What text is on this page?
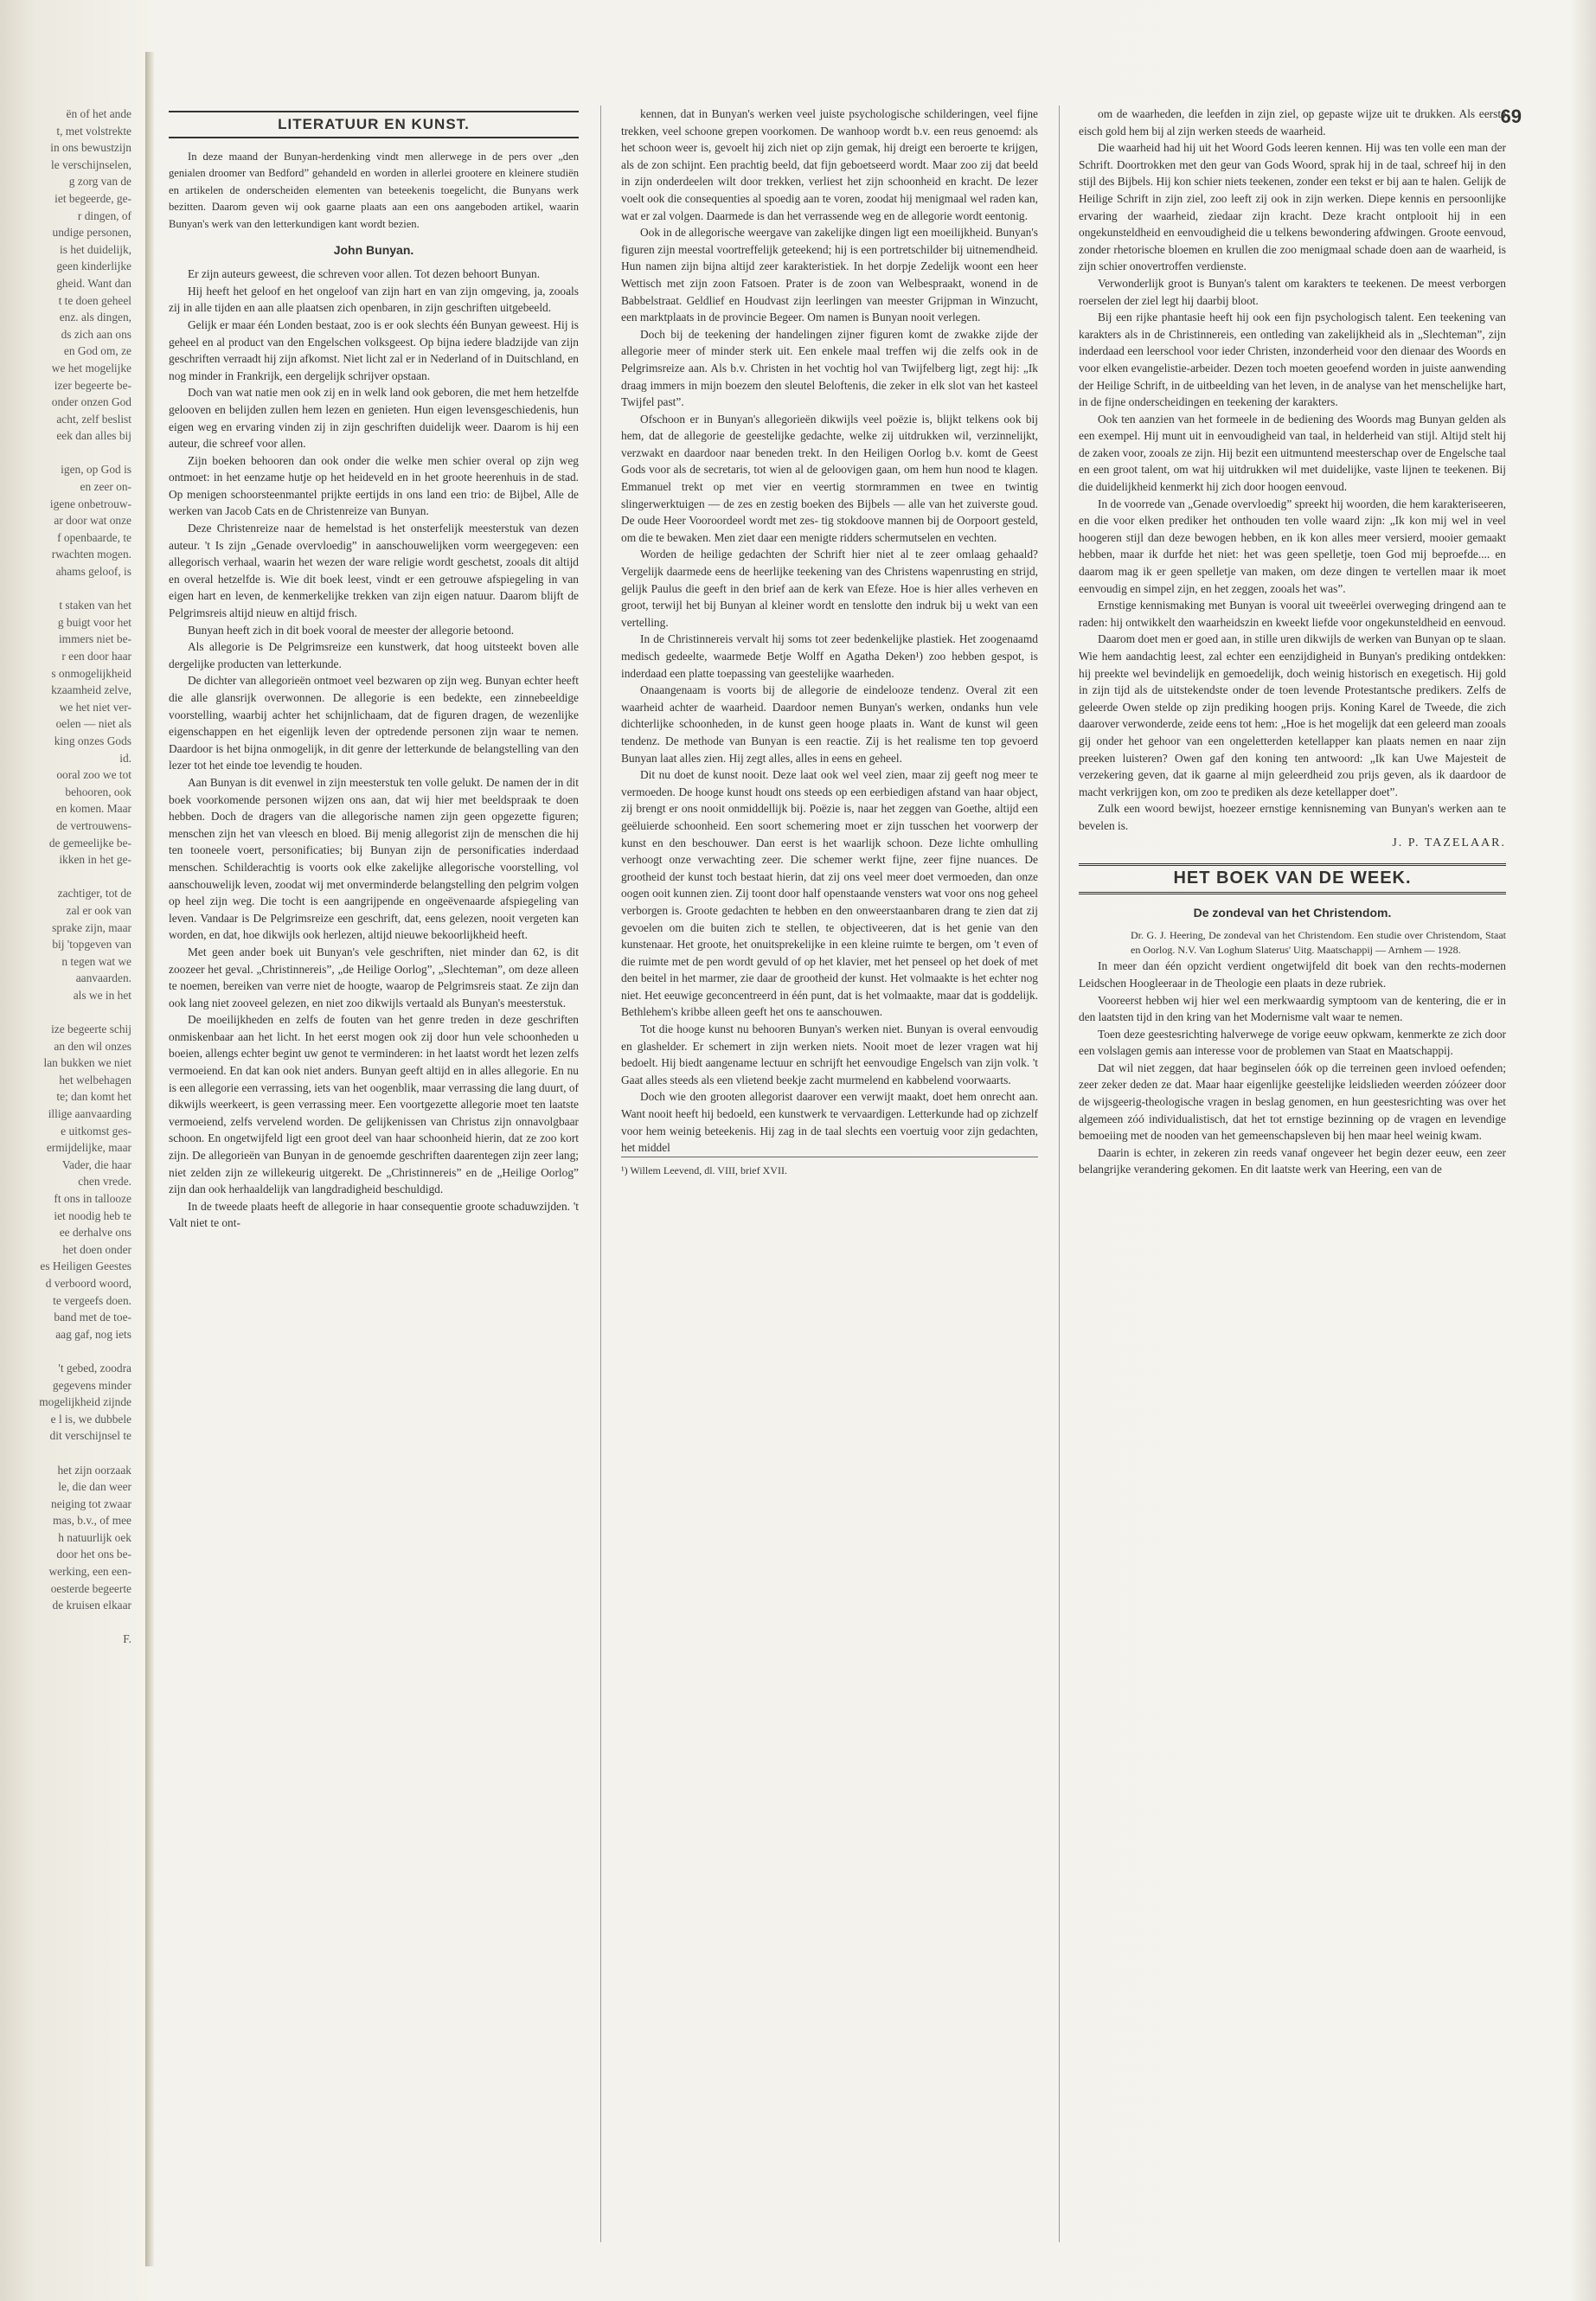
69

ën of het ande

t, met volstrekte

in ons bewustzijn

le verschijnselen,

g zorg van de

iet begeerde, ge-

r dingen, of

undige personen,

is het duidelijk,

geen kinderlijke

gheid. Want dan

t te doen geheel

enz. als dingen,

ds zich aan ons

en God om, ze

we het mogelijke

izer begeerte be-

onder onzen God

acht, zelf beslist

eek dan alles bij

igen, op God is

en zeer on-

igene onbetrouw-

ar door wat onze

f openbaarde, te

rwachten mogen.

ahams geloof, is

t staken van het

g buigt voor het

immers niet be-

r een door haar

s onmogelijkheid

kzaamheid zelve,

we het niet ver-

oelen — niet als

king onzes Gods

id.

ooral zoo we tot

behooren, ook

en komen. Maar

de vertrouwens-

de gemeelijke be-

ikken in het ge-

zachtiger, tot de

zal er ook van

sprake zijn, maar

bij 'topgeven van

n tegen wat we

aanvaarden.

als we in het

ize begeerte schij

an den wil onzes

lan bukken we niet

het welbehagen

te; dan komt het

illige aanvaarding

e uitkomst ges-

ermijdelijke, maar

Vader, die haar

chen vrede.

ft ons in tallooze

iet noodig heb te

ee derhalve ons

het doen onder

es Heiligen Geestes

d verboord woord,

te vergeefs doen.

band met de toe-

aag gaf, nog iets

't gebed, zoodra

gegevens minder

mogelijkheid zijnde

e l is, we dubbele

dit verschijnsel te

het zijn oorzaak

le, die dan weer

neiging tot zwaar

mas, b.v., of mee

h natuurlijk oek

door het ons be-

werking, een een-

oesterde begeerte

de kruisen elkaar

F.

LITERATUUR EN KUNST.

In deze maand der Bunyan-herdenking vindt men allerwege in de pers over „den genialen droomer van Bedford” gehandeld en worden in allerlei grootere en kleinere studiën en artikelen de onderscheiden elementen van beteekenis toegelicht, die Bunyans werk bezitten. Daarom geven wij ook gaarne plaats aan een ons aangeboden artikel, waarin Bunyan's werk van den letterkundigen kant wordt bezien.

John Bunyan.

Er zijn auteurs geweest, die schreven voor allen. Tot dezen behoort Bunyan.

Hij heeft het geloof en het ongeloof van zijn hart en van zijn omgeving, ja, zooals zij in alle tijden en aan alle plaatsen zich openbaren, in zijn geschriften uitgebeeld.

Gelijk er maar één Londen bestaat, zoo is er ook slechts één Bunyan geweest. Hij is geheel en al product van den Engelschen volksgeest. Op bijna iedere bladzijde van zijn geschriften verraadt hij zijn afkomst. Niet licht zal er in Nederland of in Duitschland, en nog minder in Frankrijk, een dergelijk schrijver opstaan.

Doch van wat natie men ook zij en in welk land ook geboren, die met hem hetzelfde gelooven en belijden zullen hem lezen en genieten. Hun eigen levensgeschiedenis, hun eigen weg en ervaring vinden zij in zijn geschriften duidelijk weer. Daarom is hij een auteur, die schreef voor allen.

Zijn boeken behooren dan ook onder die welke men schier overal op zijn weg ontmoet: in het eenzame hutje op het heideveld en in het groote heerenhuis in de stad. Op menigen schoorsteenmantel prijkte eertijds in ons land een trio: de Bijbel, Alle de werken van Jacob Cats en de Christenreize van Bunyan.

Deze Christenreize naar de hemelstad is het onsterfelijk meesterstuk van dezen auteur. 't Is zijn „Genade overvloedig” in aanschouwelijken vorm weergegeven: een allegorisch verhaal, waarin het wezen der ware religie wordt geschetst, zooals dit altijd en overal hetzelfde is. Wie dit boek leest, vindt er een getrouwe afspiegeling in van eigen hart en leven, de kenmerkelijke trekken van zijn eigen natuur. Daarom blijft de Pelgrimsreis altijd nieuw en altijd frisch.

Bunyan heeft zich in dit boek vooral de meester der allegorie betoond.

Als allegorie is De Pelgrimsreize een kunstwerk, dat hoog uitsteekt boven alle dergelijke producten van letterkunde.

De dichter van allegorieën ontmoet veel bezwaren op zijn weg. Bunyan echter heeft die alle glansrijk overwonnen. De allegorie is een bedekte, een zinnebeeldige voorstelling, waarbij achter het schijnlichaam, dat de figuren dragen, de wezenlijke eigenschappen en het eigenlijk leven der optredende personen zijn waar te nemen. Daardoor is het bijna onmogelijk, in dit genre der letterkunde de belangstelling van den lezer tot het einde toe levendig te houden.

Aan Bunyan is dit evenwel in zijn meesterstuk ten volle gelukt. De namen der in dit boek voorkomende personen wijzen ons aan, dat wij hier met beeldspraak te doen hebben. Doch de dragers van die allegorische namen zijn geen opgezette figuren; menschen zijn het van vleesch en bloed. Bij menig allegorist zijn de menschen die hij ten tooneele voert, personificaties; bij Bunyan zijn de personificaties inderdaad menschen. Schilderachtig is voorts ook elke zakelijke allegorische voorstelling, vol aanschouwelijk leven, zoodat wij met onverminderde belangstelling den pelgrim volgen op heel zijn weg. Die tocht is een aangrijpende en ongeëvenaarde afspiegeling van leven. Vandaar is De Pelgrimsreize een geschrift, dat, eens gelezen, nooit vergeten kan worden, en dat, hoe dikwijls ook herlezen, altijd nieuwe bekoorlijkheid heeft.

Met geen ander boek uit Bunyan's vele geschriften, niet minder dan 62, is dit zoozeer het geval. „Christinnereis”, „de Heilige Oorlog”, „Slechteman”, om deze alleen te noemen, bereiken van verre niet de hoogte, waarop de Pelgrimsreis staat. Ze zijn dan ook lang niet zooveel gelezen, en niet zoo dikwijls vertaald als Bunyan's meesterstuk.

De moeilijkheden en zelfs de fouten van het genre treden in deze geschriften onmiskenbaar aan het licht. In het eerst mogen ook zij door hun vele schoonheden u boeien, allengs echter begint uw genot te verminderen: in het laatst wordt het lezen zelfs vermoeiend. En dat kan ook niet anders. Bunyan geeft altijd en in alles allegorie. En nu is een allegorie een verrassing, iets van het oogenblik, maar verrassing die lang duurt, of dikwijls weerkeert, is geen verrassing meer. Een voortgezette allegorie moet ten laatste vermoeiend, zelfs vervelend worden. De gelijkenissen van Christus zijn onnavolgbaar schoon. En ongetwijfeld ligt een groot deel van haar schoonheid hierin, dat ze zoo kort zijn. De allegorieën van Bunyan in de genoemde geschriften daarentegen zijn zeer lang; niet zelden zijn ze willekeurig uitgerekt. De „Christinnereis” en de „Heilige Oorlog” zijn dan ook herhaaldelijk van langdradigheid beschuldigd.

In de tweede plaats heeft de allegorie in haar consequentie groote schaduwzijden. 't Valt niet te ont-

kennen, dat in Bunyan's werken veel juiste psychologische schilderingen, veel fijne trekken, veel schoone grepen voorkomen. De wanhoop wordt b.v. een reus genoemd: als het schoon weer is, gevoelt hij zich niet op zijn gemak, hij dreigt een beroerte te krijgen, als de zon schijnt. Een prachtig beeld, dat fijn geboetseerd wordt. Maar zoo zij dat beeld in zijn onderdeelen wilt door trekken, verliest het zijn schoonheid en kracht. De lezer voelt ook die consequenties al spoedig aan te voren, zoodat hij menigmaal wel raden kan, wat er zal volgen. Daarmede is dan het verrassende weg en de allegorie wordt eentonig.

Ook in de allegorische weergave van zakelijke dingen ligt een moeilijkheid. Bunyan's figuren zijn meestal voortreffelijk geteekend; hij is een portretschilder bij uitnemendheid. Hun namen zijn bijna altijd zeer karakteristiek. In het dorpje Zedelijk woont een heer Wettisch met zijn zoon Fatsoen. Prater is de zoon van Welbespraakt, wonend in de Babbelstraat. Geldlief en Houdvast zijn leerlingen van meester Grijpman in Winzucht, een marktplaats in de provincie Begeer. Om namen is Bunyan nooit verlegen.

Doch bij de teekening der handelingen zijner figuren komt de zwakke zijde der allegorie meer of minder sterk uit. Een enkele maal treffen wij die zelfs ook in de Pelgrimsreize aan. Als b.v. Christen in het vochtig hol van Twijfelberg ligt, zegt hij: „Ik draag immers in mijn boezem den sleutel Beloftenis, die zeker in elk slot van het kasteel Twijfel past”.

Ofschoon er in Bunyan's allegorieën dikwijls veel poëzie is, blijkt telkens ook bij hem, dat de allegorie de geestelijke gedachte, welke zij uitdrukken wil, verzinnelijkt, verzwakt en daardoor naar beneden trekt. In den Heiligen Oorlog b.v. komt de Geest Gods voor als de secretaris, tot wien al de geloovigen gaan, om hem hun nood te klagen. Emmanuel trekt op met vier en veertig stormrammen en twee en twintig slingerwerktuigen — de zes en zestig boeken des Bijbels — alle van het zuiverste goud. De oude Heer Vooroordeel wordt met zes- tig stokdoove mannen bij de Oorpoort gesteld, om die te bewaken. Men ziet daar een menigte ridders schermutselen en vechten.

Worden de heilige gedachten der Schrift hier niet al te zeer omlaag gehaald? Vergelijk daarmede eens de heerlijke teekening van des Christens wapenrusting en strijd, gelijk Paulus die geeft in den brief aan de kerk van Efeze. Hoe is hier alles verheven en groot, terwijl het bij Bunyan al kleiner wordt en tenslotte den indruk bij u wekt van een vertelling.

In de Christinnereis vervalt hij soms tot zeer bedenkelijke plastiek. Het zoogenaamd medisch gedeelte, waarmede Betje Wolff en Agatha Deken¹) zoo hebben gespot, is inderdaad een platte toepassing van geestelijke waarheden.

Onaangenaam is voorts bij de allegorie de eindelooze tendenz. Overal zit een waarheid achter de waarheid. Daardoor nemen Bunyan's werken, ondanks hun vele dichterlijke schoonheden, in de kunst geen hooge plaats in. Want de kunst wil geen tendenz. De methode van Bunyan is een reactie. Zij is het realisme ten top gevoerd Bunyan laat alles zien. Hij zegt alles, alles in eens en geheel.

Dit nu doet de kunst nooit. Deze laat ook wel veel zien, maar zij geeft nog meer te vermoeden. De hooge kunst houdt ons steeds op een eerbiedigen afstand van haar object, zij brengt er ons nooit onmiddellijk bij. Poëzie is, naar het zeggen van Goethe, altijd een geëluierde schoonheid. Een soort schemering moet er zijn tusschen het voorwerp der kunst en den beschouwer. Dan eerst is het waarlijk schoon. Deze lichte omhulling verhoogt onze verwachting zeer. Die schemer werkt fijne, zeer fijne nuances. De grootheid der kunst toch bestaat hierin, dat zij ons veel meer doet vermoeden, dan onze oogen ooit kunnen zien. Zij toont door half openstaande vensters wat voor ons nog geheel verborgen is. Groote gedachten te hebben en den onweerstaanbaren drang te zien dat zij gevoelen om die buiten zich te stellen, te objectiveeren, dat is het genie van den kunstenaar. Het groote, het onuitsprekelijke in een kleine ruimte te bergen, om 't even of die ruimte met de pen wordt gevuld of op het klavier, met het penseel op het doek of met den beitel in het marmer, zie daar de grootheid der kunst. Het volmaakte is het echter nog niet. Het eeuwige geconcentreerd in één punt, dat is het volmaakte, maar dat is goddelijk. Bethlehem's kribbe alleen geeft het ons te aanschouwen.

Tot die hooge kunst nu behooren Bunyan's werken niet. Bunyan is overal eenvoudig en glashelder. Er schemert in zijn werken niets. Nooit moet de lezer vragen wat hij bedoelt. Hij biedt aangename lectuur en schrijft het eenvoudige Engelsch van zijn volk. 't Gaat alles steeds als een vlietend beekje zacht murmelend en kabbelend voorwaarts.

Doch wie den grooten allegorist daarover een verwijt maakt, doet hem onrecht aan. Want nooit heeft hij bedoeld, een kunstwerk te vervaardigen. Letterkunde had op zichzelf voor hem weinig beteekenis. Hij zag in de taal slechts een voertuig voor zijn gedachten, het middel

¹) Willem Leevend, dl. VIII, brief XVII.

om de waarheden, die leefden in zijn ziel, op gepaste wijze uit te drukken. Als eerste eisch gold hem bij al zijn werken steeds de waarheid.

Die waarheid had hij uit het Woord Gods leeren kennen. Hij was ten volle een man der Schrift. Doortrokken met den geur van Gods Woord, sprak hij in de taal, schreef hij in den stijl des Bijbels. Hij kon schier niets teekenen, zonder een tekst er bij aan te halen. Gelijk de Heilige Schrift in zijn ziel, zoo leeft zij ook in zijn werken. Diepe kennis en persoonlijke ervaring der waarheid, ziedaar zijn kracht. Deze kracht ontplooit hij in een ongekunsteldheid en eenvoudigheid die u telkens bewondering afdwingen. Groote eenvoud, zonder rhetorische bloemen en krullen die zoo menigmaal schade doen aan de waarheid, is zijn schier onovertroffen verdienste.

Verwonderlijk groot is Bunyan's talent om karakters te teekenen. De meest verborgen roerselen der ziel legt hij daarbij bloot.

Bij een rijke phantasie heeft hij ook een fijn psychologisch talent. Een teekening van karakters als in de Christinnereis, een ontleding van zakelijkheid als in „Slechteman”, zijn inderdaad een leerschool voor ieder Christen, inzonderheid voor den dienaar des Woords en voor elken evangelistie-arbeider. Dezen toch moeten geoefend worden in juiste aanwending der Heilige Schrift, in de uitbeelding van het leven, in de analyse van het menschelijke hart, in de fijne onderscheidingen en teekening der karakters.

Ook ten aanzien van het formeele in de bediening des Woords mag Bunyan gelden als een exempel. Hij munt uit in eenvoudigheid van taal, in helderheid van stijl. Altijd stelt hij de zaken voor, zooals ze zijn. Hij bezit een uitmuntend meesterschap over de Engelsche taal en een groot talent, om wat hij uitdrukken wil met duidelijke, vaste lijnen te teekenen. Bij die duidelijkheid kenmerkt hij zich door hoogen eenvoud.

In de voorrede van „Genade overvloedig” spreekt hij woorden, die hem karakteriseeren, en die voor elken prediker het onthouden ten volle waard zijn: „Ik kon mij wel in veel hoogeren stijl dan deze bewogen hebben, en ik kon alles meer versierd, mooier gemaakt hebben, maar ik durfde het niet: het was geen spelletje, toen God mij beproefde.... en daarom mag ik er geen spelletje van maken, om deze dingen te vertellen maar ik moet eenvoudig en simpel zijn, en het zeggen, zooals het was”.

Ernstige kennismaking met Bunyan is vooral uit tweeërlei overweging dringend aan te raden: hij ontwikkelt den waarheidszin en kweekt liefde voor ongekunsteldheid en eenvoud.

Daarom doet men er goed aan, in stille uren dikwijls de werken van Bunyan op te slaan. Wie hem aandachtig leest, zal echter een eenzijdigheid in Bunyan's prediking ontdekken: hij preekte wel bevindelijk en gemoedelijk, doch weinig historisch en exegetisch. Hij gold in zijn tijd als de uitstekendste onder de toen levende Protestantsche predikers. Zelfs de geleerde Owen stelde op zijn prediking hoogen prijs. Koning Karel de Tweede, die zich daarover verwonderde, zeide eens tot hem: „Hoe is het mogelijk dat een geleerd man zooals gij onder het gehoor van een ongeletterden ketellapper kan plaats nemen en naar zijn preeken luisteren? Owen gaf den koning ten antwoord: „Ik kan Uwe Majesteit de verzekering geven, dat ik gaarne al mijn geleerdheid zou prijs geven, als ik daardoor de macht verkrijgen kon, om zoo te prediken als deze ketellapper doet”.

Zulk een woord bewijst, hoezeer ernstige kennisneming van Bunyan's werken aan te bevelen is.

J. P. TAZELAAR.

HET BOEK VAN DE WEEK.
De zondeval van het Christendom.

Dr. G. J. Heering, De zondeval van het Christendom. Een studie over Christendom, Staat en Oorlog. N.V. Van Loghum Slaterus' Uitg. Maatschappij — Arnhem — 1928.

In meer dan één opzicht verdient ongetwijfeld dit boek van den rechts-modernen Leidschen Hoogleeraar in de Theologie een plaats in deze rubriek.

Vooreerst hebben wij hier wel een merkwaardig symptoom van de kentering, die er in den laatsten tijd in den kring van het Modernisme valt waar te nemen.

Toen deze geestesrichting halverwege de vorige eeuw opkwam, kenmerkte ze zich door een volslagen gemis aan interesse voor de problemen van Staat en Maatschappij.

Dat wil niet zeggen, dat haar beginselen óók op die terreinen geen invloed oefenden; zeer zeker deden ze dat. Maar haar eigenlijke geestelijke leidslieden weerden zóózeer door de wijsgeerig-theologische vragen in beslag genomen, en hun geestesrichting was over het algemeen zóó individualistisch, dat het tot ernstige bezinning op de vragen en levendige bemoeiing met de nooden van het gemeenschapsleven bij hen maar heel weinig kwam.

Daarin is echter, in zekeren zin reeds vanaf ongeveer het begin dezer eeuw, een zeer belangrijke verandering gekomen. En dit laatste werk van Heering, een van de
